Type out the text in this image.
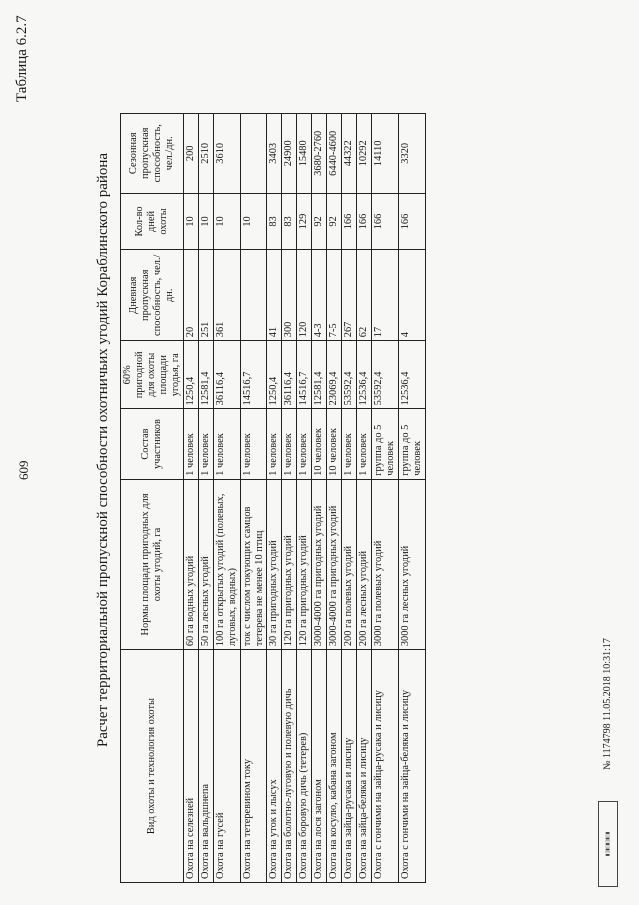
609
Таблица 6.2.7
Расчет территориальной пропускной способности охотничьих угодий Кораблинского района
Вид охоты и технология охоты	Нормы площади пригодных для охоты угодий, га	Состав участников	60% пригодной для охоты площади угодья, га	Дневная пропускная способность, чел./дн.	Кол-во дней охоты	Сезонная пропускная способность, чел./дн.
Охота на селезней	60 га водных угодий	1 человек	1250,4	20	10	200
Охота на вальдшнепа	50 га лесных угодий	1 человек	12581,4	251	10	2510
Охота на гусей	100 га открытых угодий (полевых, луговых, водных)	1 человек	36116,4	361	10	3610
Охота на тетеревином току	ток с числом токующих самцов тетерева не менее 10 птиц	1 человек	14516,7		10	
Охота на уток и лысух	30 га пригодных угодий	1 человек	1250,4	41	83	3403
Охота на болотно-луговую и полевую дичь	120 га пригодных угодий	1 человек	36116,4	300	83	24900
Охота на боровую дичь (тетерев)	120 га пригодных угодий	1 человек	14516,7	120	129	15480
Охота на лося загоном	3000-4000 га пригодных угодий	10 человек	12581,4	4-3	92	3680-2760
Охота на косулю, кабана загоном	3000-4000 га пригодных угодий	10 человек	23069,4	7-5	92	6440-4600
Охота на зайца-русака и лисицу	200 га полевых угодий	1 человек	53592,4	267	166	44322
Охота на зайца-беляка и лисицу	200 га лесных угодий	1 человек	12536,4	62	166	10292
Охота с гончими на зайца-русака и лисицу	3000 га полевых угодий	группа до 5 человек	53592,4	17	166	14110
Охота с гончими на зайца-беляка и лисицу	3000 га лесных угодий	группа до 5 человек	12536,4	4	166	3320
▮▯▮▯▮▯▮▯▮
№ 1174798 11.05.2018 10:31:17
